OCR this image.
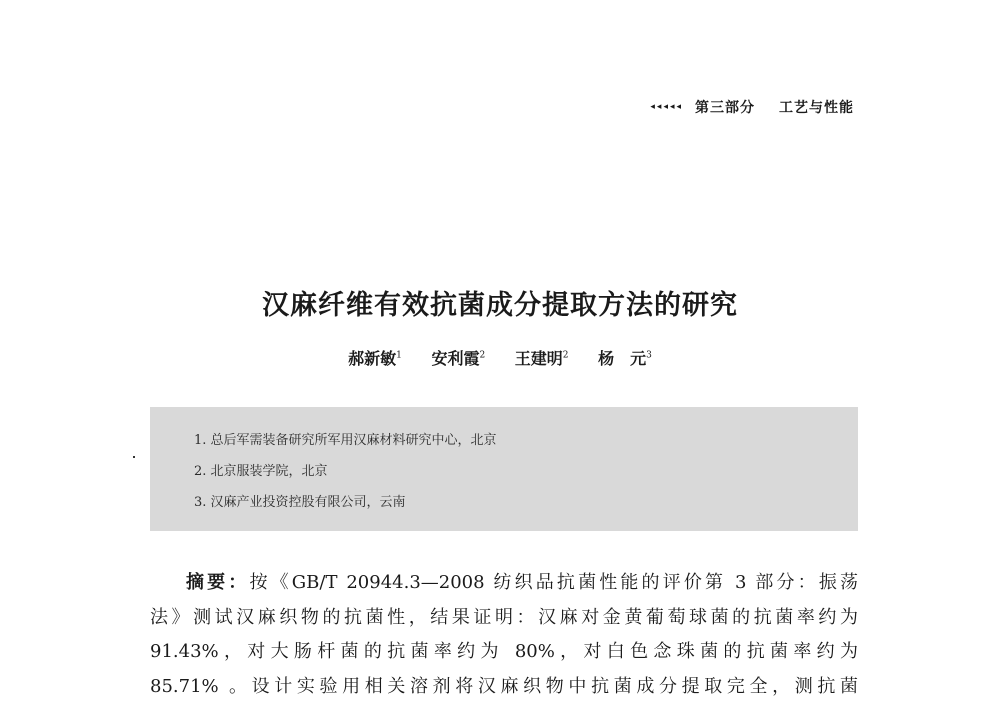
◂◂◂◂◂ 第三部分 工艺与性能
汉麻纤维有效抗菌成分提取方法的研究
郝新敏$^1$ 安利霞$^2$ 王建明$^2$ 杨　元$^3$
1. 总后军需装备研究所军用汉麻材料研究中心，北京
2. 北京服装学院，北京
3. 汉麻产业投资控股有限公司，云南
摘要：按《GB/T 20944.3—2008 纺织品抗菌性能的评价第 3 部分：振荡
法》测试汉麻织物的抗菌性，结果证明：汉麻对金黄葡萄球菌的抗菌率约为
91.43%，对大肠杆菌的抗菌率约为 80%，对白色念珠菌的抗菌率约为
85.71% 。设计实验用相关溶剂将汉麻织物中抗菌成分提取完全，测抗菌
